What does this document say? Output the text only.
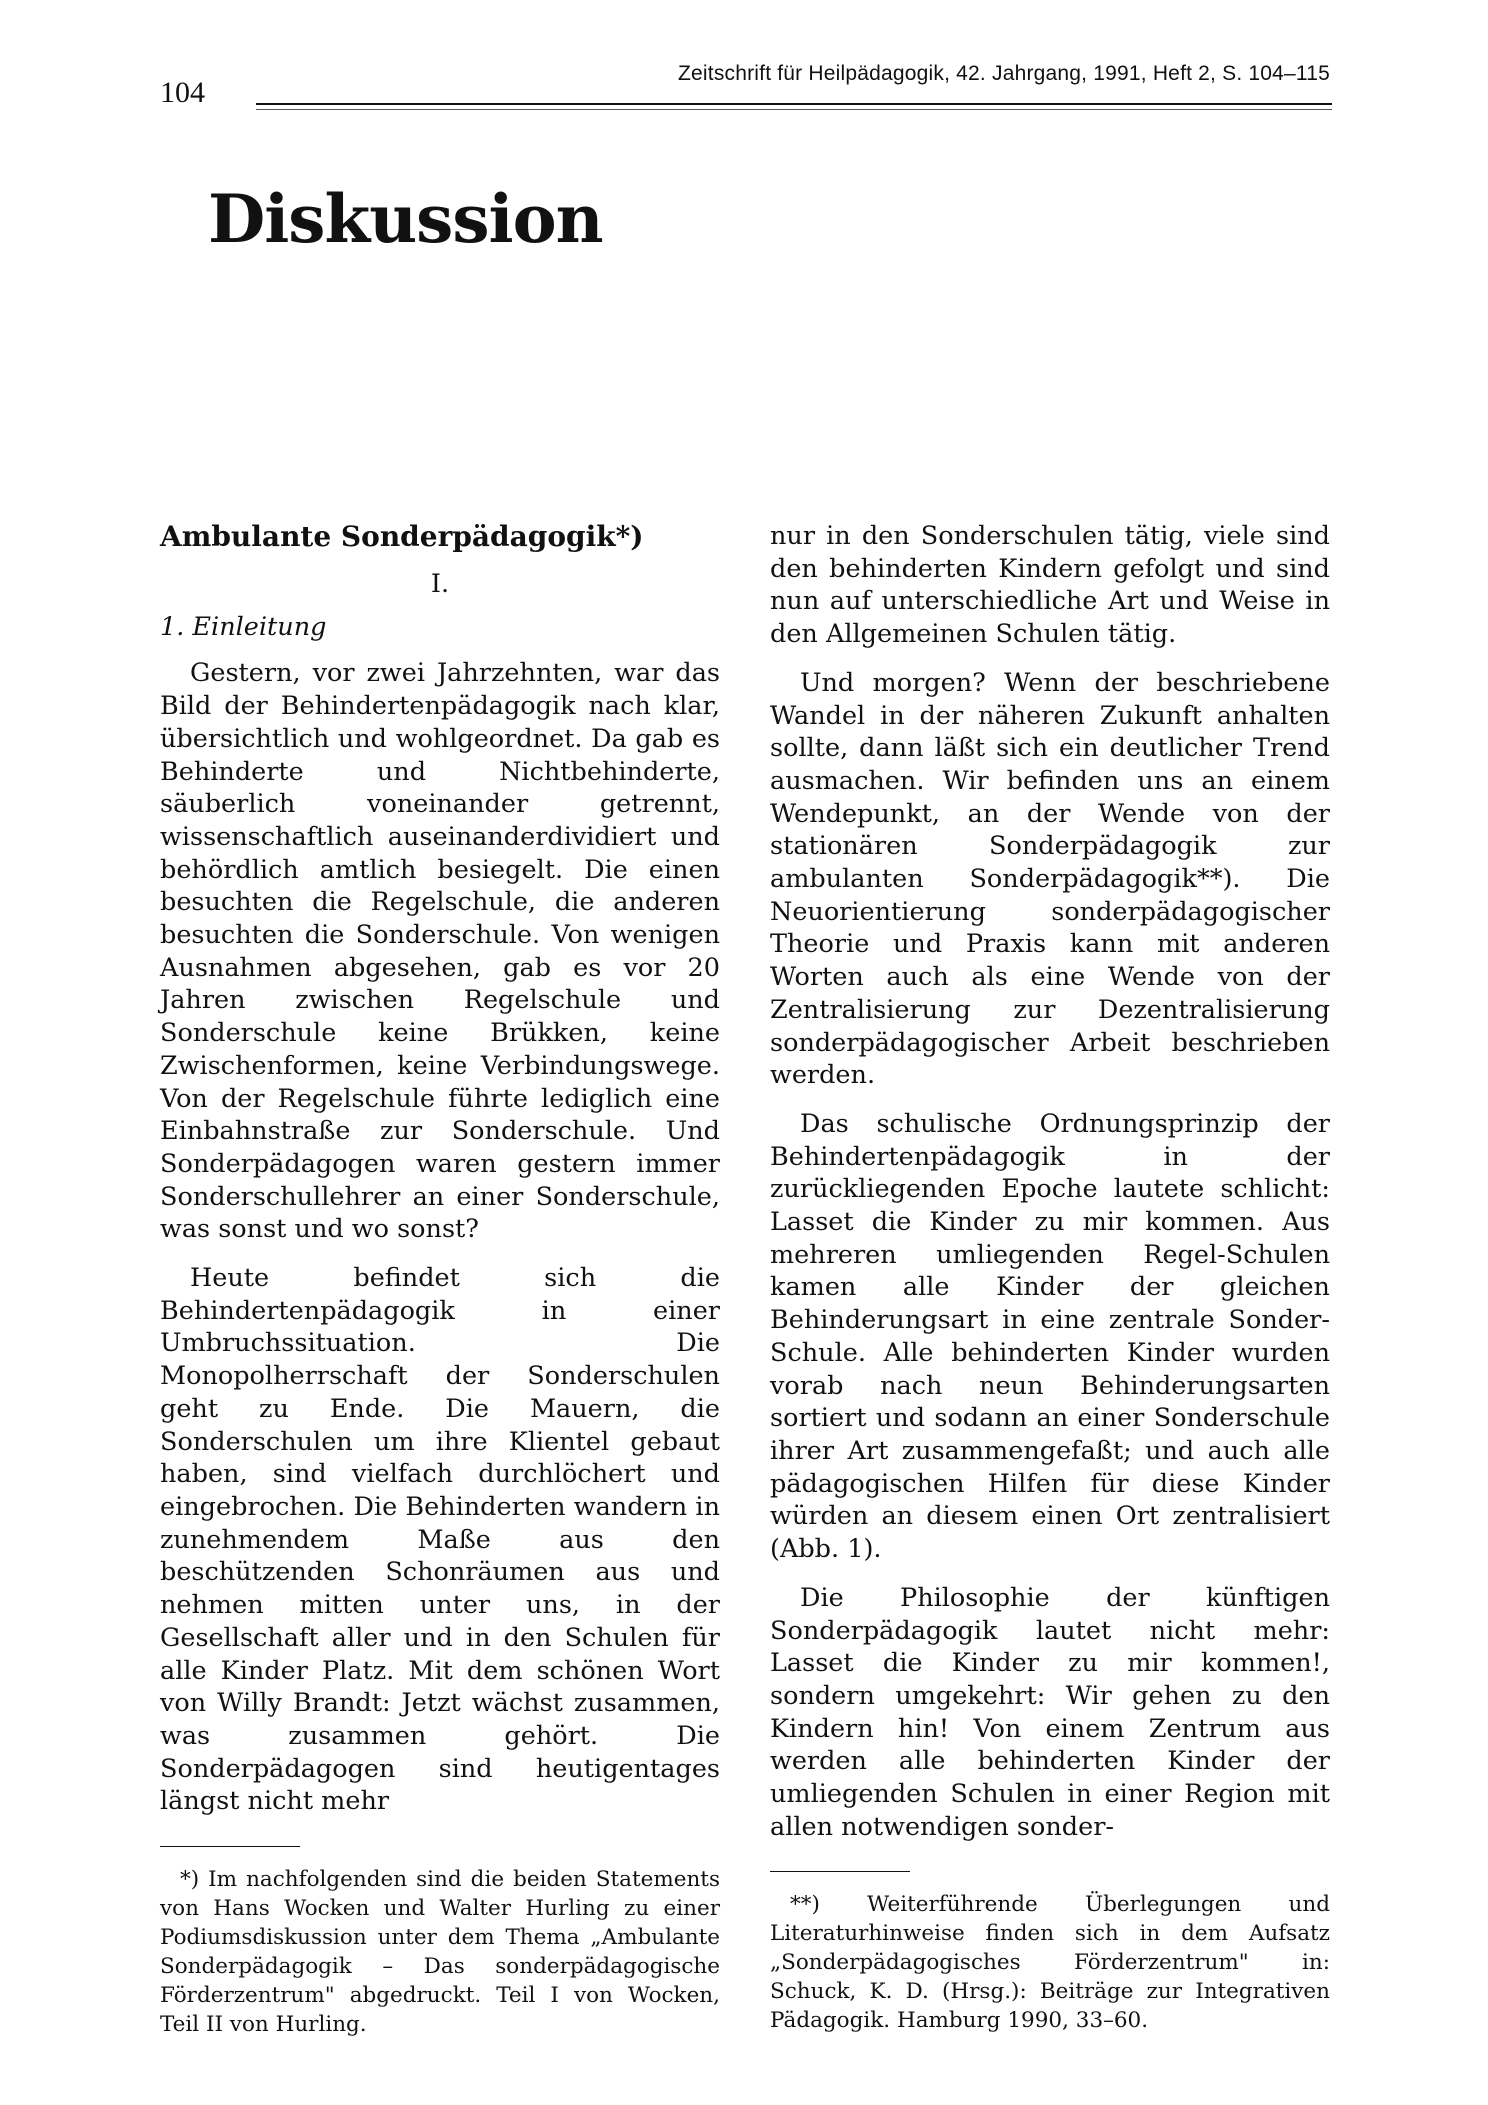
104
Zeitschrift für Heilpädagogik, 42. Jahrgang, 1991, Heft 2, S. 104–115
Diskussion
Ambulante Sonderpädagogik*)
I.
1. Einleitung

Gestern, vor zwei Jahrzehnten, war das Bild der Behindertenpädagogik nach klar, übersichtlich und wohlgeordnet. Da gab es Behinderte und Nichtbehinderte, säuberlich voneinander getrennt, wissenschaftlich auseinanderdividiert und behördlich amtlich besiegelt. Die einen besuchten die Regelschule, die anderen besuchten die Sonderschule. Von wenigen Ausnahmen abgesehen, gab es vor 20 Jahren zwischen Regelschule und Sonderschule keine Brükken, keine Zwischenformen, keine Verbindungswege. Von der Regelschule führte lediglich eine Einbahnstraße zur Sonderschule. Und Sonderpädagogen waren gestern immer Sonderschullehrer an einer Sonderschule, was sonst und wo sonst?

Heute befindet sich die Behindertenpädagogik in einer Umbruchssituation. Die Monopolherrschaft der Sonderschulen geht zu Ende. Die Mauern, die Sonderschulen um ihre Klientel gebaut haben, sind vielfach durchlöchert und eingebrochen. Die Behinderten wandern in zunehmendem Maße aus den beschützenden Schonräumen aus und nehmen mitten unter uns, in der Gesellschaft aller und in den Schulen für alle Kinder Platz. Mit dem schönen Wort von Willy Brandt: Jetzt wächst zusammen, was zusammen gehört. Die Sonderpädagogen sind heutigentages längst nicht mehr

*) Im nachfolgenden sind die beiden Statements von Hans Wocken und Walter Hurling zu einer Podiumsdiskussion unter dem Thema „Ambulante Sonderpädagogik – Das sonderpädagogische Förderzentrum" abgedruckt. Teil I von Wocken, Teil II von Hurling.

nur in den Sonderschulen tätig, viele sind den behinderten Kindern gefolgt und sind nun auf unterschiedliche Art und Weise in den Allgemeinen Schulen tätig.

Und morgen? Wenn der beschriebene Wandel in der näheren Zukunft anhalten sollte, dann läßt sich ein deutlicher Trend ausmachen. Wir befinden uns an einem Wendepunkt, an der Wende von der stationären Sonderpädagogik zur ambulanten Sonderpädagogik**). Die Neuorientierung sonderpädagogischer Theorie und Praxis kann mit anderen Worten auch als eine Wende von der Zentralisierung zur Dezentralisierung sonderpädagogischer Arbeit beschrieben werden.

Das schulische Ordnungsprinzip der Behindertenpädagogik in der zurückliegenden Epoche lautete schlicht: Lasset die Kinder zu mir kommen. Aus mehreren umliegenden Regel-Schulen kamen alle Kinder der gleichen Behinderungsart in eine zentrale Sonder-Schule. Alle behinderten Kinder wurden vorab nach neun Behinderungsarten sortiert und sodann an einer Sonderschule ihrer Art zusammengefaßt; und auch alle pädagogischen Hilfen für diese Kinder würden an diesem einen Ort zentralisiert (Abb. 1).

Die Philosophie der künftigen Sonderpädagogik lautet nicht mehr: Lasset die Kinder zu mir kommen!, sondern umgekehrt: Wir gehen zu den Kindern hin! Von einem Zentrum aus werden alle behinderten Kinder der umliegenden Schulen in einer Region mit allen notwendigen sonder-

**) Weiterführende Überlegungen und Literaturhinweise finden sich in dem Aufsatz „Sonderpädagogisches Förderzentrum" in: Schuck, K. D. (Hrsg.): Beiträge zur Integrativen Pädagogik. Hamburg 1990, 33–60.
